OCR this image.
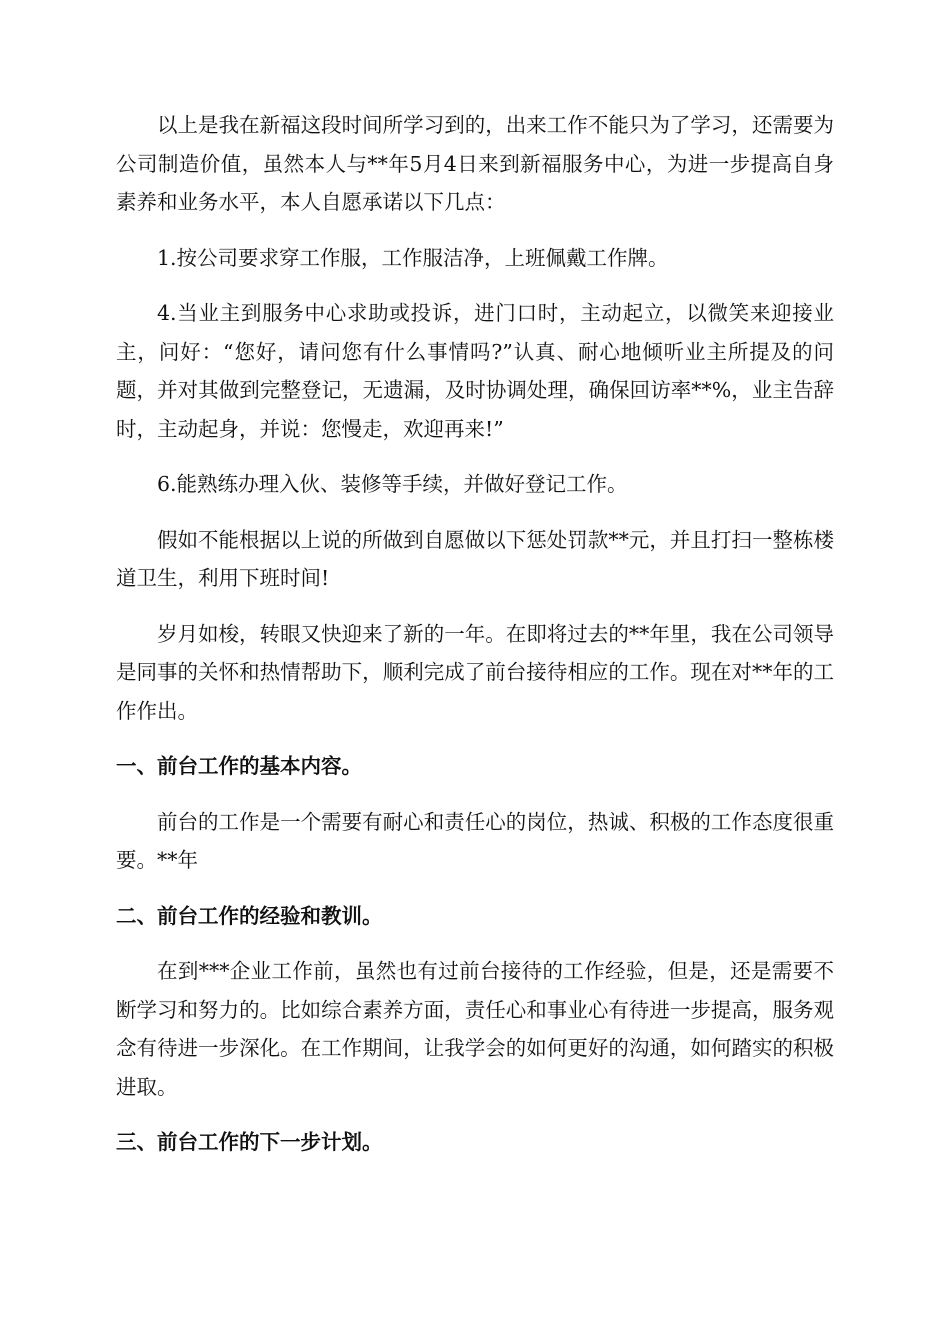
以上是我在新福这段时间所学习到的，出来工作不能只为了学习，还需要为公司制造价值，虽然本人与**年5月4日来到新福服务中心，为进一步提高自身素养和业务水平，本人自愿承诺以下几点：

1.按公司要求穿工作服，工作服洁净，上班佩戴工作牌。

4.当业主到服务中心求助或投诉，进门口时，主动起立，以微笑来迎接业主，问好：“您好，请问您有什么事情吗?”认真、耐心地倾听业主所提及的问题，并对其做到完整登记，无遗漏，及时协调处理，确保回访率**%，业主告辞时，主动起身，并说：您慢走，欢迎再来!”

6.能熟练办理入伙、装修等手续，并做好登记工作。

假如不能根据以上说的所做到自愿做以下惩处罚款**元，并且打扫一整栋楼道卫生，利用下班时间!

岁月如梭，转眼又快迎来了新的一年。在即将过去的**年里，我在公司领导是同事的关怀和热情帮助下，顺利完成了前台接待相应的工作。现在对**年的工作作出。

一、前台工作的基本内容。

前台的工作是一个需要有耐心和责任心的岗位，热诚、积极的工作态度很重要。**年

二、前台工作的经验和教训。

在到***企业工作前，虽然也有过前台接待的工作经验，但是，还是需要不断学习和努力的。比如综合素养方面，责任心和事业心有待进一步提高，服务观念有待进一步深化。在工作期间，让我学会的如何更好的沟通，如何踏实的积极进取。

三、前台工作的下一步计划。
